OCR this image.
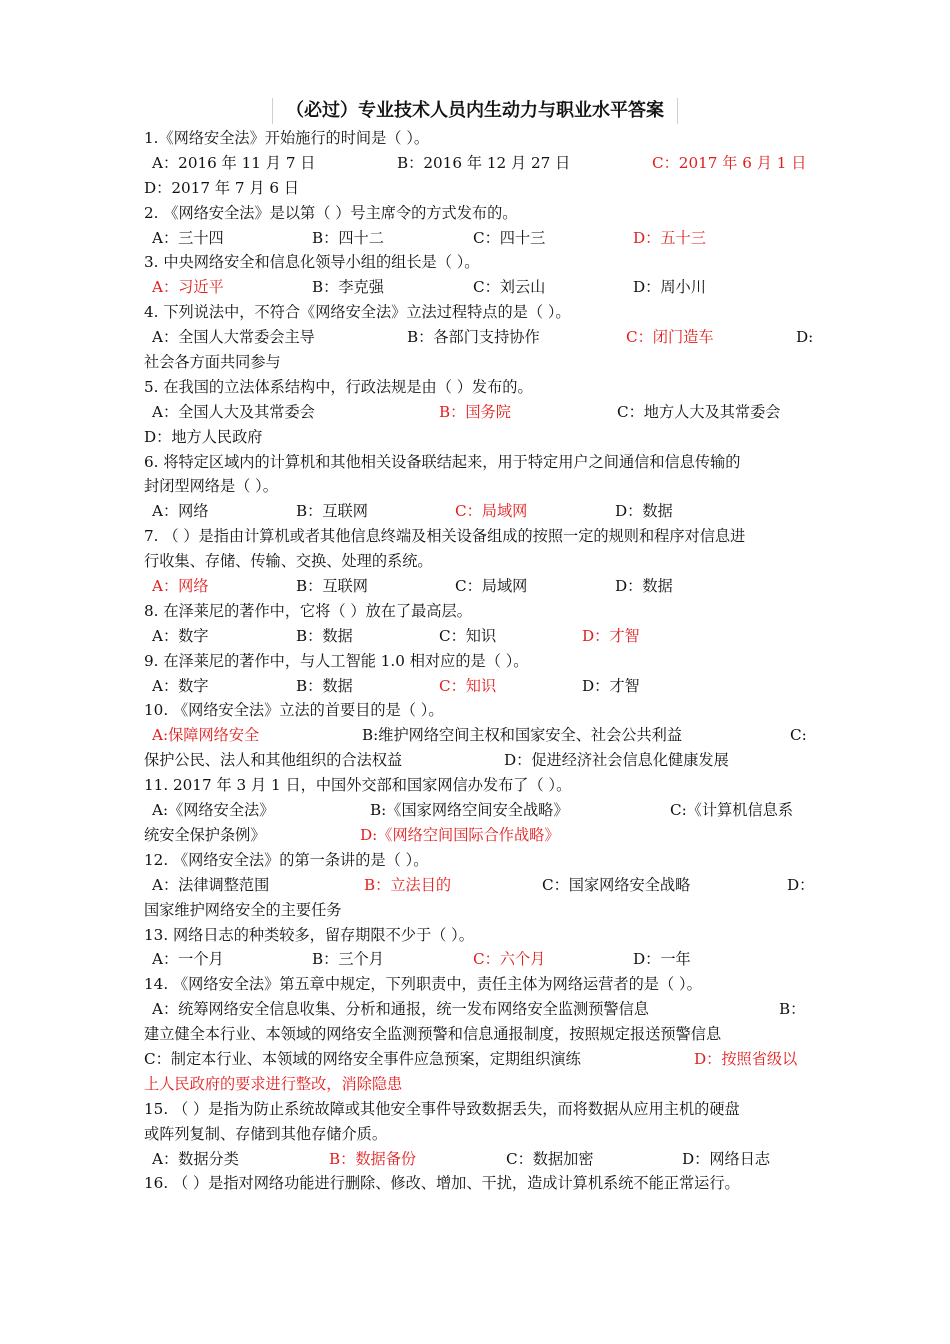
（必过）专业技术人员内生动力与职业水平答案
1.《网络安全法》开始施行的时间是（ ）。
A：2016 年 11 月 7 日	B：2016 年 12 月 27 日	C：2017 年 6 月 1 日
D：2017 年 7 月 6 日
2. 《网络安全法》是以第（ ）号主席令的方式发布的。
A：三十四	B：四十二	C：四十三	D：五十三
3. 中央网络安全和信息化领导小组的组长是（ ）。
A：习近平	B：李克强	C：刘云山	D：周小川
4. 下列说法中，不符合《网络安全法》立法过程特点的是（ ）。
A：全国人大常委会主导	B：各部门支持协作	C：闭门造车	D:
社会各方面共同参与
5. 在我国的立法体系结构中，行政法规是由（ ）发布的。
A：全国人大及其常委会	B：国务院	C：地方人大及其常委会
D：地方人民政府
6. 将特定区域内的计算机和其他相关设备联结起来，用于特定用户之间通信和信息传输的
封闭型网络是（ ）。
A：网络	B：互联网	C：局域网	D：数据
7. （ ）是指由计算机或者其他信息终端及相关设备组成的按照一定的规则和程序对信息进
行收集、存储、传输、交换、处理的系统。
A：网络	B：互联网	C：局域网	D：数据
8. 在泽莱尼的著作中，它将（ ）放在了最高层。
A：数字	B：数据	C：知识	D：才智
9. 在泽莱尼的著作中，与人工智能 1.0 相对应的是（ ）。
A：数字	B：数据	C：知识	D：才智
10. 《网络安全法》立法的首要目的是（ ）。
A:保障网络安全	B:维护网络空间主权和国家安全、社会公共利益	C:
保护公民、法人和其他组织的合法权益	D：促进经济社会信息化健康发展
11. 2017 年 3 月 1 日，中国外交部和国家网信办发布了（ ）。
A:《网络安全法》	B:《国家网络空间安全战略》	C:《计算机信息系
统安全保护条例》	D:《网络空间国际合作战略》
12. 《网络安全法》的第一条讲的是（ ）。
A：法律调整范围	B：立法目的	C：国家网络安全战略	D：
国家维护网络安全的主要任务
13. 网络日志的种类较多，留存期限不少于（ ）。
A：一个月	B：三个月	C：六个月	D：一年
14. 《网络安全法》第五章中规定，下列职责中，责任主体为网络运营者的是（ ）。
A：统筹网络安全信息收集、分析和通报，统一发布网络安全监测预警信息	B：
建立健全本行业、本领域的网络安全监测预警和信息通报制度，按照规定报送预警信息
C：制定本行业、本领域的网络安全事件应急预案，定期组织演练	D：按照省级以
上人民政府的要求进行整改，消除隐患
15. （ ）是指为防止系统故障或其他安全事件导致数据丢失，而将数据从应用主机的硬盘
或阵列复制、存储到其他存储介质。
A：数据分类	B：数据备份	C：数据加密	D：网络日志
16. （ ）是指对网络功能进行删除、修改、增加、干扰，造成计算机系统不能正常运行。
